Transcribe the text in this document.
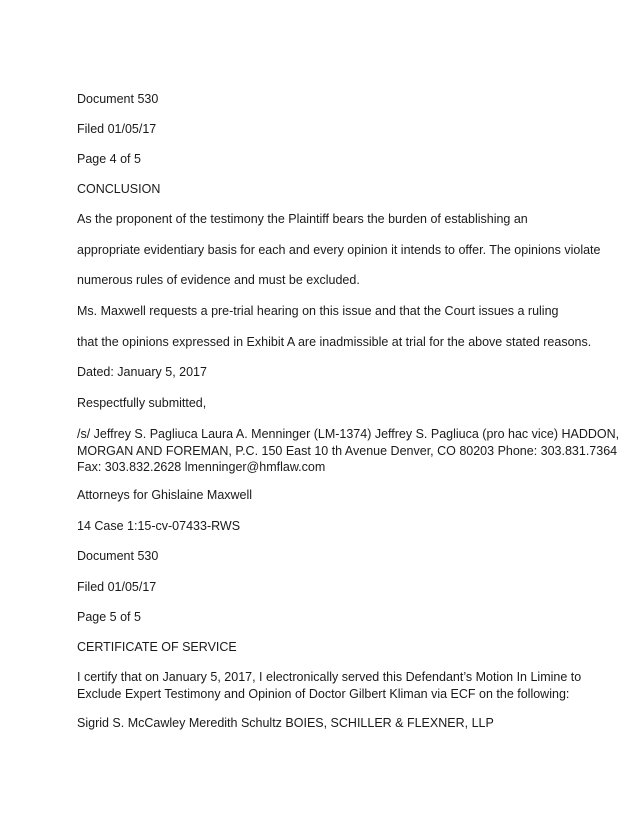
Document 530

Filed 01/05/17

Page 4 of 5

CONCLUSION

As the proponent of the testimony the Plaintiff bears the burden of establishing an

appropriate evidentiary basis for each and every opinion it intends to offer. The opinions violate

numerous rules of evidence and must be excluded.

Ms. Maxwell requests a pre-trial hearing on this issue and that the Court issues a ruling

that the opinions expressed in Exhibit A are inadmissible at trial for the above stated reasons.

Dated: January 5, 2017

Respectfully submitted,

/s/ Jeffrey S. Pagliuca Laura A. Menninger (LM-1374) Jeffrey S. Pagliuca (pro hac vice) HADDON,

MORGAN AND FOREMAN, P.C. 150 East 10 th Avenue Denver, CO 80203 Phone: 303.831.7364

Fax: 303.832.2628 lmenninger@hmflaw.com

Attorneys for Ghislaine Maxwell

14 Case 1:15-cv-07433-RWS

Document 530

Filed 01/05/17

Page 5 of 5

CERTIFICATE OF SERVICE

I certify that on January 5, 2017, I electronically served this Defendant’s Motion In Limine to

Exclude Expert Testimony and Opinion of Doctor Gilbert Kliman via ECF on the following:

Sigrid S. McCawley Meredith Schultz BOIES, SCHILLER & FLEXNER, LLP
